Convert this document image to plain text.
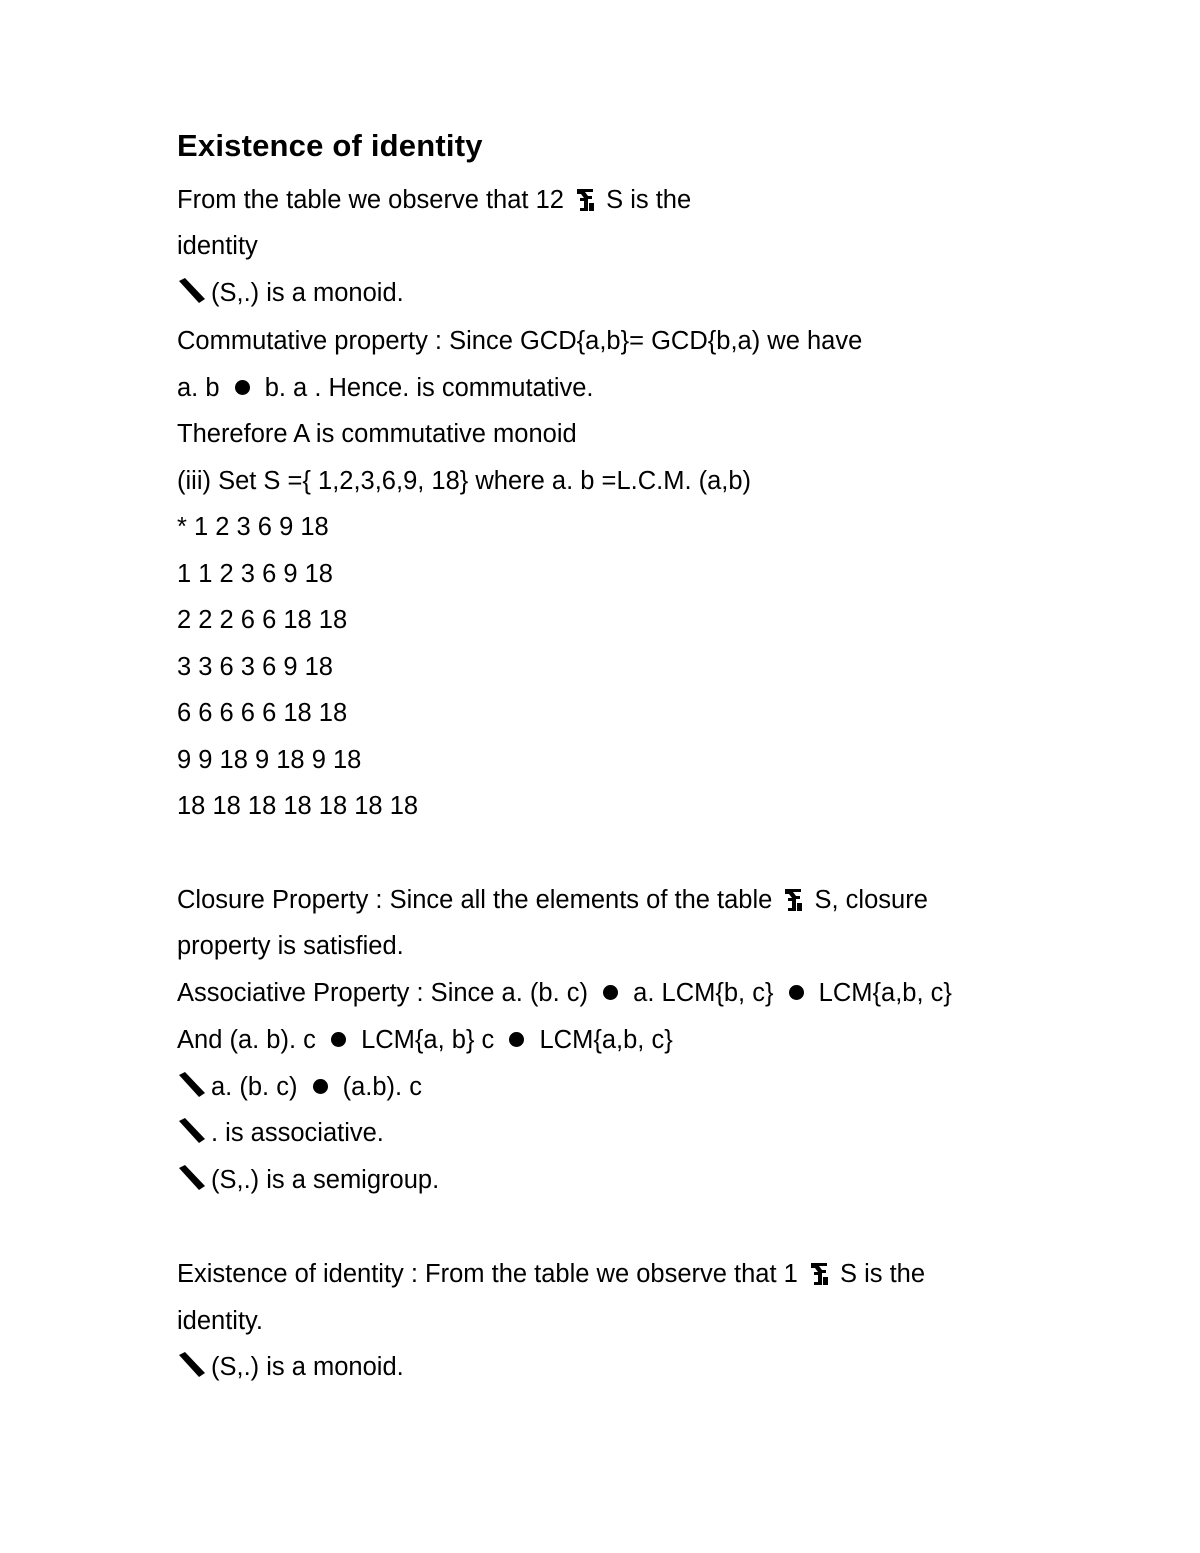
Existence of identity
From the table we observe that 12  S is the
identity
(S,.) is a monoid.
Commutative property : Since GCD{a,b}= GCD{b,a) we have
a. b  b. a . Hence. is commutative.
Therefore A is commutative monoid
(iii) Set S ={ 1,2,3,6,9, 18} where a. b =L.C.M. (a,b)
* 1 2 3 6 9 18
1 1 2 3 6 9 18
2 2 2 6 6 18 18
3 3 6 3 6 9 18
6 6 6 6 6 18 18
9 9 18 9 18 9 18
18 18 18 18 18 18 18
Closure Property : Since all the elements of the table  S, closure
property is satisfied.
Associative Property : Since a. (b. c)  a. LCM{b, c}  LCM{a,b, c}
And (a. b). c  LCM{a, b} c  LCM{a,b, c}
a. (b. c)  (a.b). c
. is associative.
(S,.) is a semigroup.
Existence of identity : From the table we observe that 1  S is the
identity.
(S,.) is a monoid.
